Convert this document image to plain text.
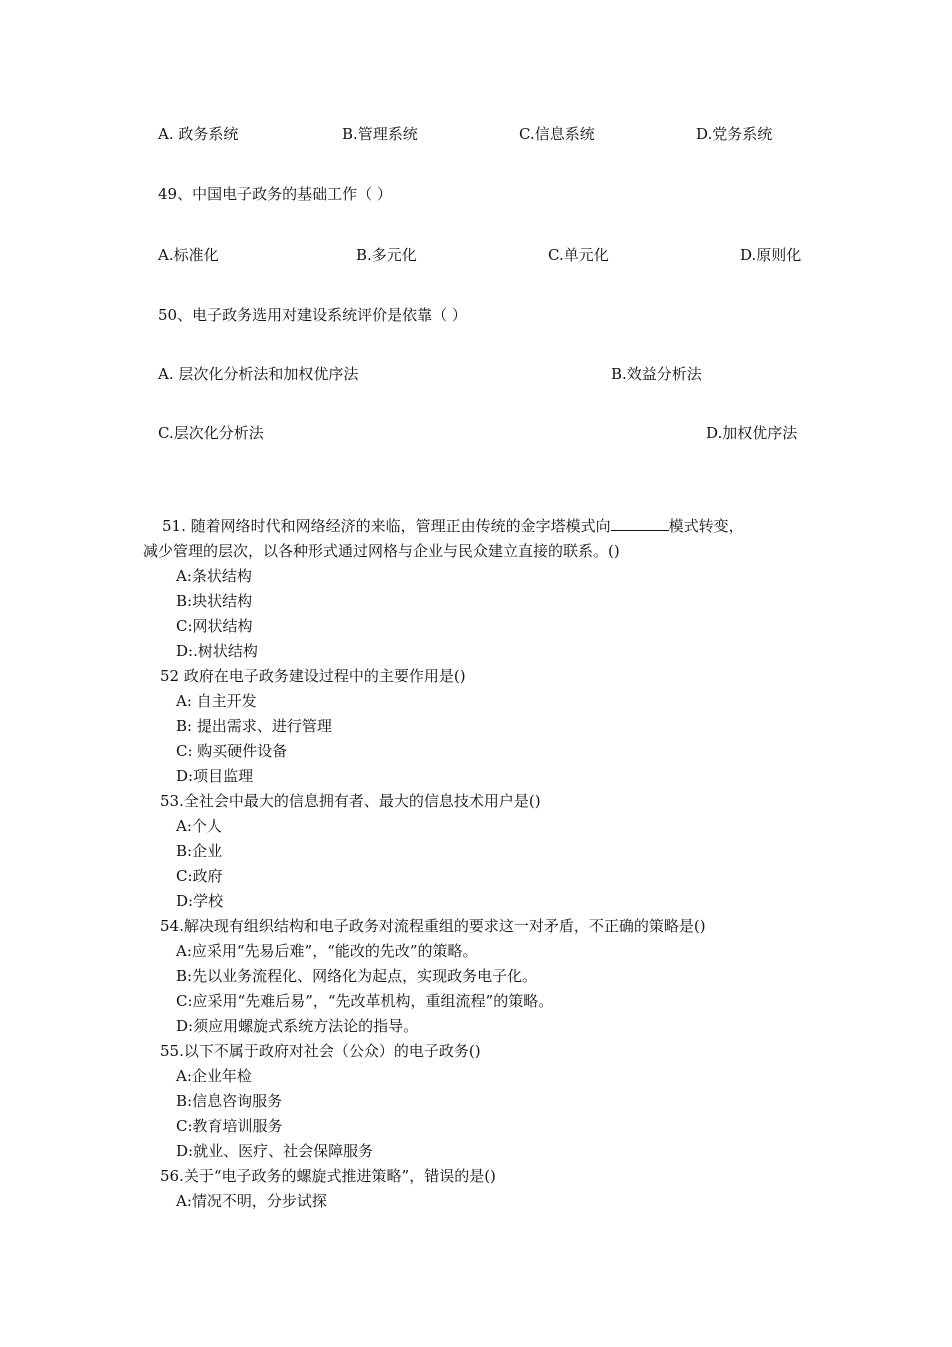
A. 政务系统	B.管理系统	C.信息系统	D.党务系统
49、中国电子政务的基础工作（ ）
A.标准化	B.多元化	C.单元化	D.原则化
50、电子政务选用对建设系统评价是依靠（ ）
A. 层次化分析法和加权优序法	B.效益分析法
C.层次化分析法	D.加权优序法
51. 随着网络时代和网络经济的来临，管理正由传统的金字塔模式向	模式转变，
减少管理的层次，以各种形式通过网格与企业与民众建立直接的联系。()
A:条状结构
B:块状结构
C:网状结构
D:.树状结构
52 政府在电子政务建设过程中的主要作用是()
A: 自主开发
B: 提出需求、进行管理
C: 购买硬件设备
D:项目监理
53.全社会中最大的信息拥有者、最大的信息技术用户是()
A:个人
B:企业
C:政府
D:学校
54.解决现有组织结构和电子政务对流程重组的要求这一对矛盾，不正确的策略是()
A:应采用“先易后难”，“能改的先改”的策略。
B:先以业务流程化、网络化为起点，实现政务电子化。
C:应采用“先难后易”，“先改革机构，重组流程”的策略。
D:须应用螺旋式系统方法论的指导。
55.以下不属于政府对社会（公众）的电子政务()
A:企业年检
B:信息咨询服务
C:教育培训服务
D:就业、医疗、社会保障服务
56.关于“电子政务的螺旋式推进策略”，错误的是()
A:情况不明，分步试探
